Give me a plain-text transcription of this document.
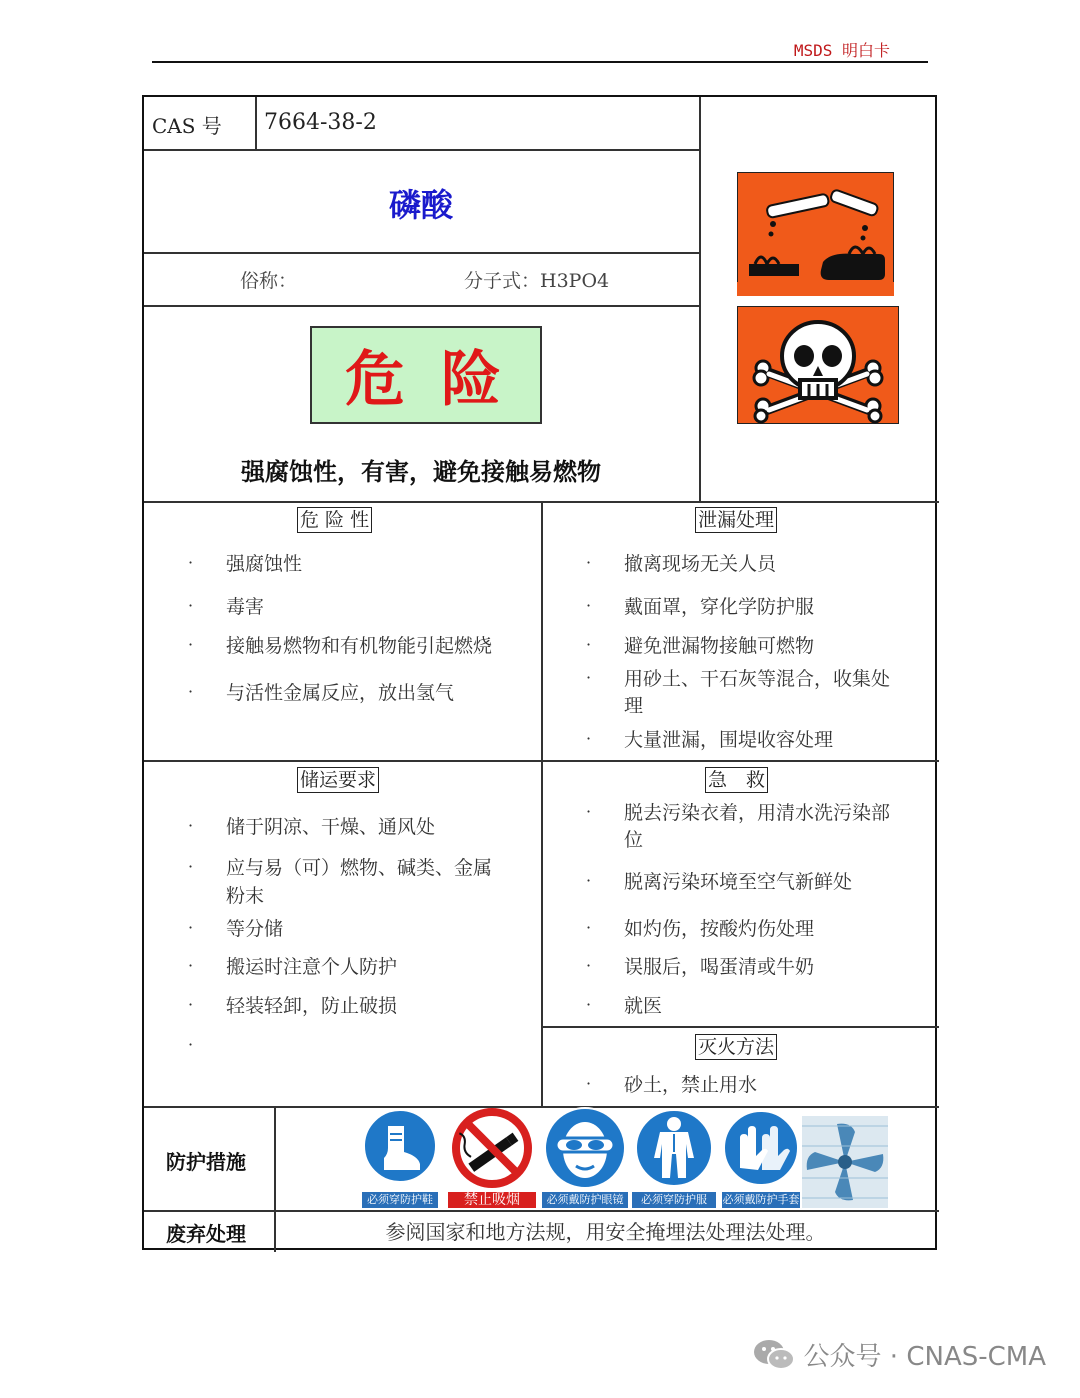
MSDS 明白卡
CAS 号 7664-38-2
磷酸
俗称：	分子式：H3PO4
危险
强腐蚀性，有害，避免接触易燃物
危 险 性
· 强腐蚀性
· 毒害
· 接触易燃物和有机物能引起燃烧
· 与活性金属反应，放出氢气
泄漏处理
· 撤离现场无关人员
· 戴面罩，穿化学防护服
· 避免泄漏物接触可燃物
· 用砂土、干石灰等混合，收集处
理
· 大量泄漏，围堤收容处理
储运要求
· 储于阴凉、干燥、通风处
· 应与易（可）燃物、碱类、金属
粉末
· 等分储
· 搬运时注意个人防护
· 轻装轻卸，防止破损
·
急　救
· 脱去污染衣着，用清水洗污染部
位
· 脱离污染环境至空气新鲜处
· 如灼伤，按酸灼伤处理
· 误服后，喝蛋清或牛奶
· 就医
灭火方法
· 砂土，禁止用水
防护措施
必须穿防护鞋	禁止吸烟	必须戴防护眼镜	必须穿防护服	必须戴防护手套
废弃处理	参阅国家和地方法规，用安全掩埋法处理法处理。
公众号 · CNAS-CMA
